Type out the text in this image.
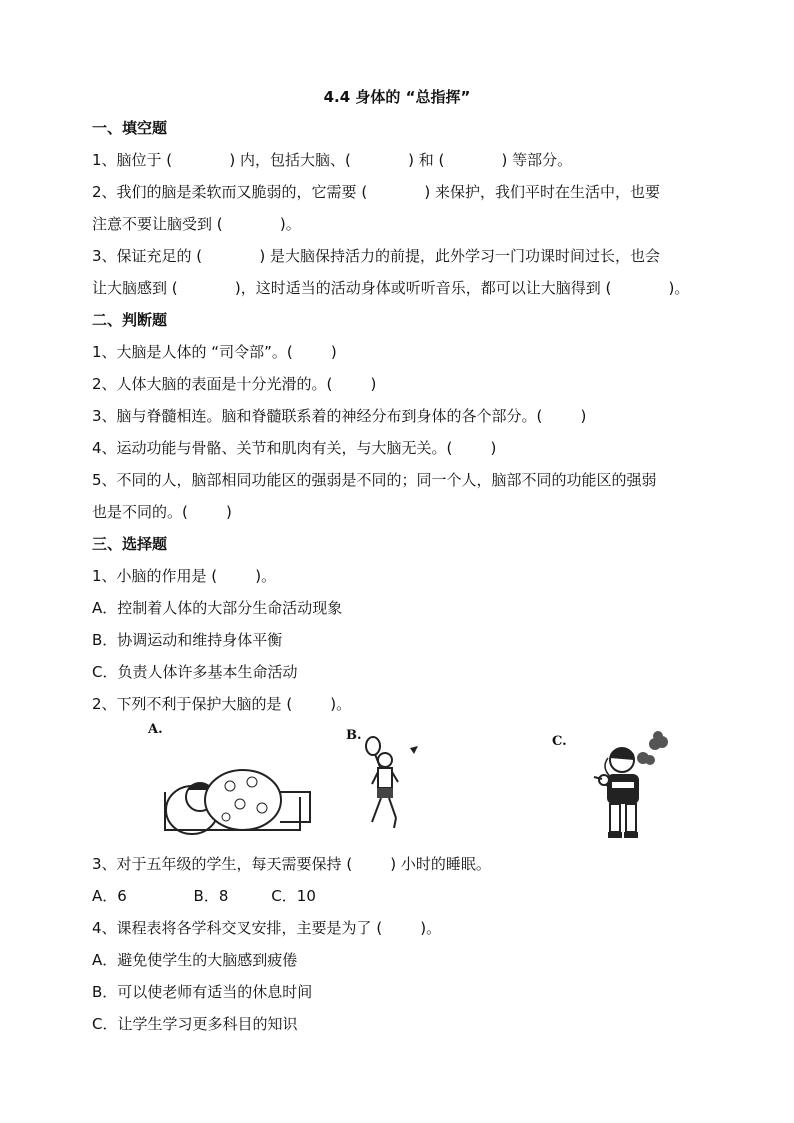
4.4 身体的 “总指挥”
一、填空题
1、脑位于 (            ) 内，包括大脑、(            ) 和 (            ) 等部分。
2、我们的脑是柔软而又脆弱的，它需要 (            ) 来保护，我们平时在生活中，也要
注意不要让脑受到 (            )。
3、保证充足的 (            ) 是大脑保持活力的前提，此外学习一门功课时间过长，也会
让大脑感到 (            )，这时适当的活动身体或听听音乐，都可以让大脑得到 (            )。
二、判断题
1、大脑是人体的 “司令部”。(        )
2、人体大脑的表面是十分光滑的。(        )
3、脑与脊髓相连。脑和脊髓联系着的神经分布到身体的各个部分。(        )
4、运动功能与骨骼、关节和肌肉有关，与大脑无关。(        )
5、不同的人，脑部相同功能区的强弱是不同的；同一个人，脑部不同的功能区的强弱
也是不同的。(        )
三、选择题
1、小脑的作用是 (        )。
A．控制着人体的大部分生命活动现象
B．协调运动和维持身体平衡
C．负责人体许多基本生命活动
2、下列不利于保护大脑的是 (        )。
A.	B.	C.
3、对于五年级的学生，每天需要保持 (        ) 小时的睡眠。
A．6              B．8         C．10
4、课程表将各学科交叉安排，主要是为了 (        )。
A．避免使学生的大脑感到疲倦
B．可以使老师有适当的休息时间
C．让学生学习更多科目的知识
